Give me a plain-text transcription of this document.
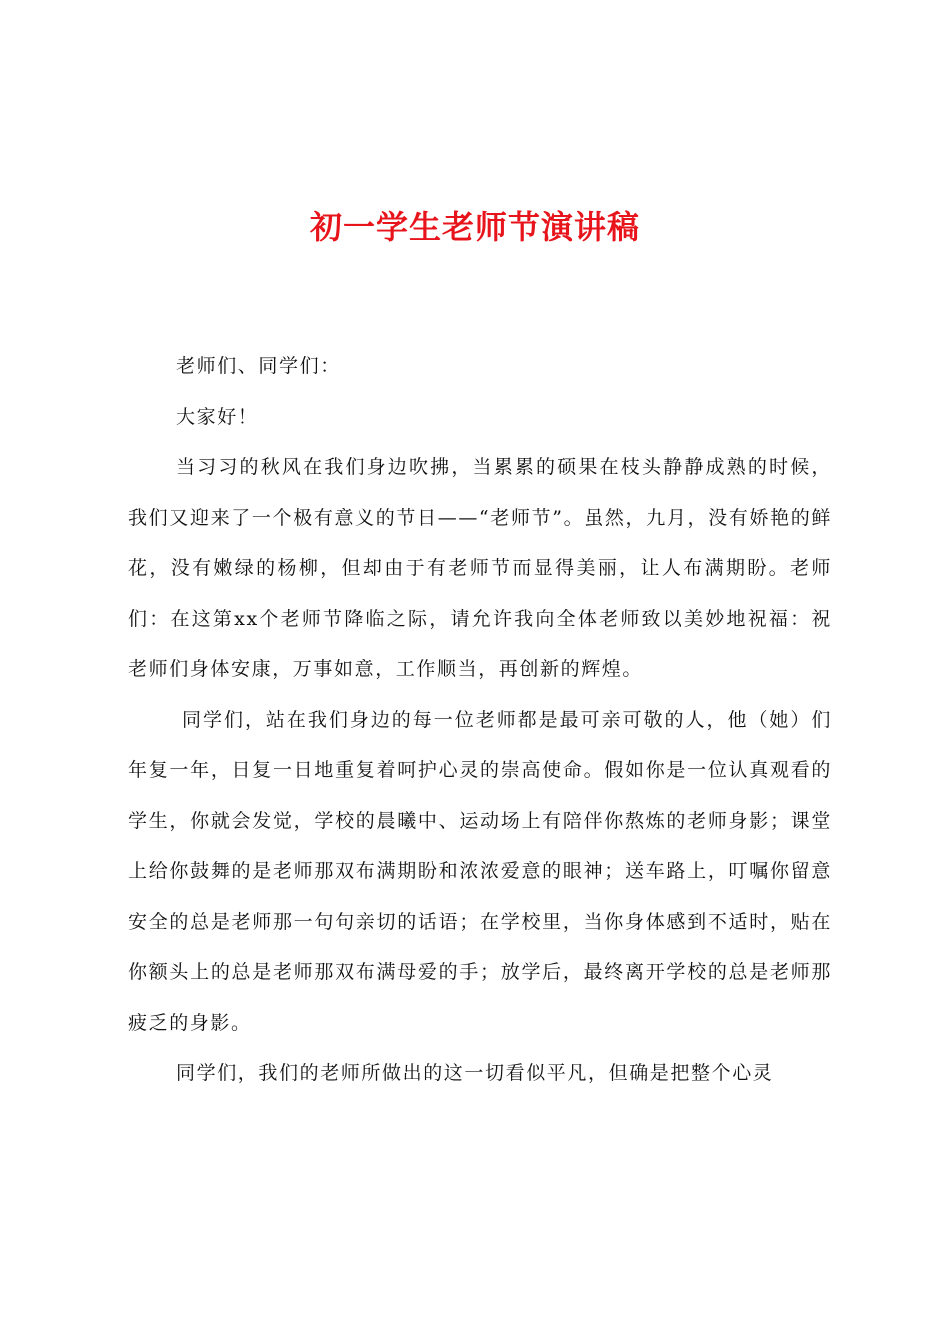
初一学生老师节演讲稿

老师们、同学们：

大家好！

当习习的秋风在我们身边吹拂，当累累的硕果在枝头静静成熟的时候，我们又迎来了一个极有意义的节日——“老师节”。虽然，九月，没有娇艳的鲜花，没有嫩绿的杨柳，但却由于有老师节而显得美丽，让人布满期盼。老师们：在这第xx个老师节降临之际，请允许我向全体老师致以美妙地祝福：祝老师们身体安康，万事如意，工作顺当，再创新的辉煌。

同学们，站在我们身边的每一位老师都是最可亲可敬的人，他（她）们年复一年，日复一日地重复着呵护心灵的崇高使命。假如你是一位认真观看的学生，你就会发觉，学校的晨曦中、运动场上有陪伴你熬炼的老师身影；课堂上给你鼓舞的是老师那双布满期盼和浓浓爱意的眼神；送车路上，叮嘱你留意安全的总是老师那一句句亲切的话语；在学校里，当你身体感到不适时，贴在你额头上的总是老师那双布满母爱的手；放学后，最终离开学校的总是老师那疲乏的身影。

同学们，我们的老师所做出的这一切看似平凡，但确是把整个心灵
